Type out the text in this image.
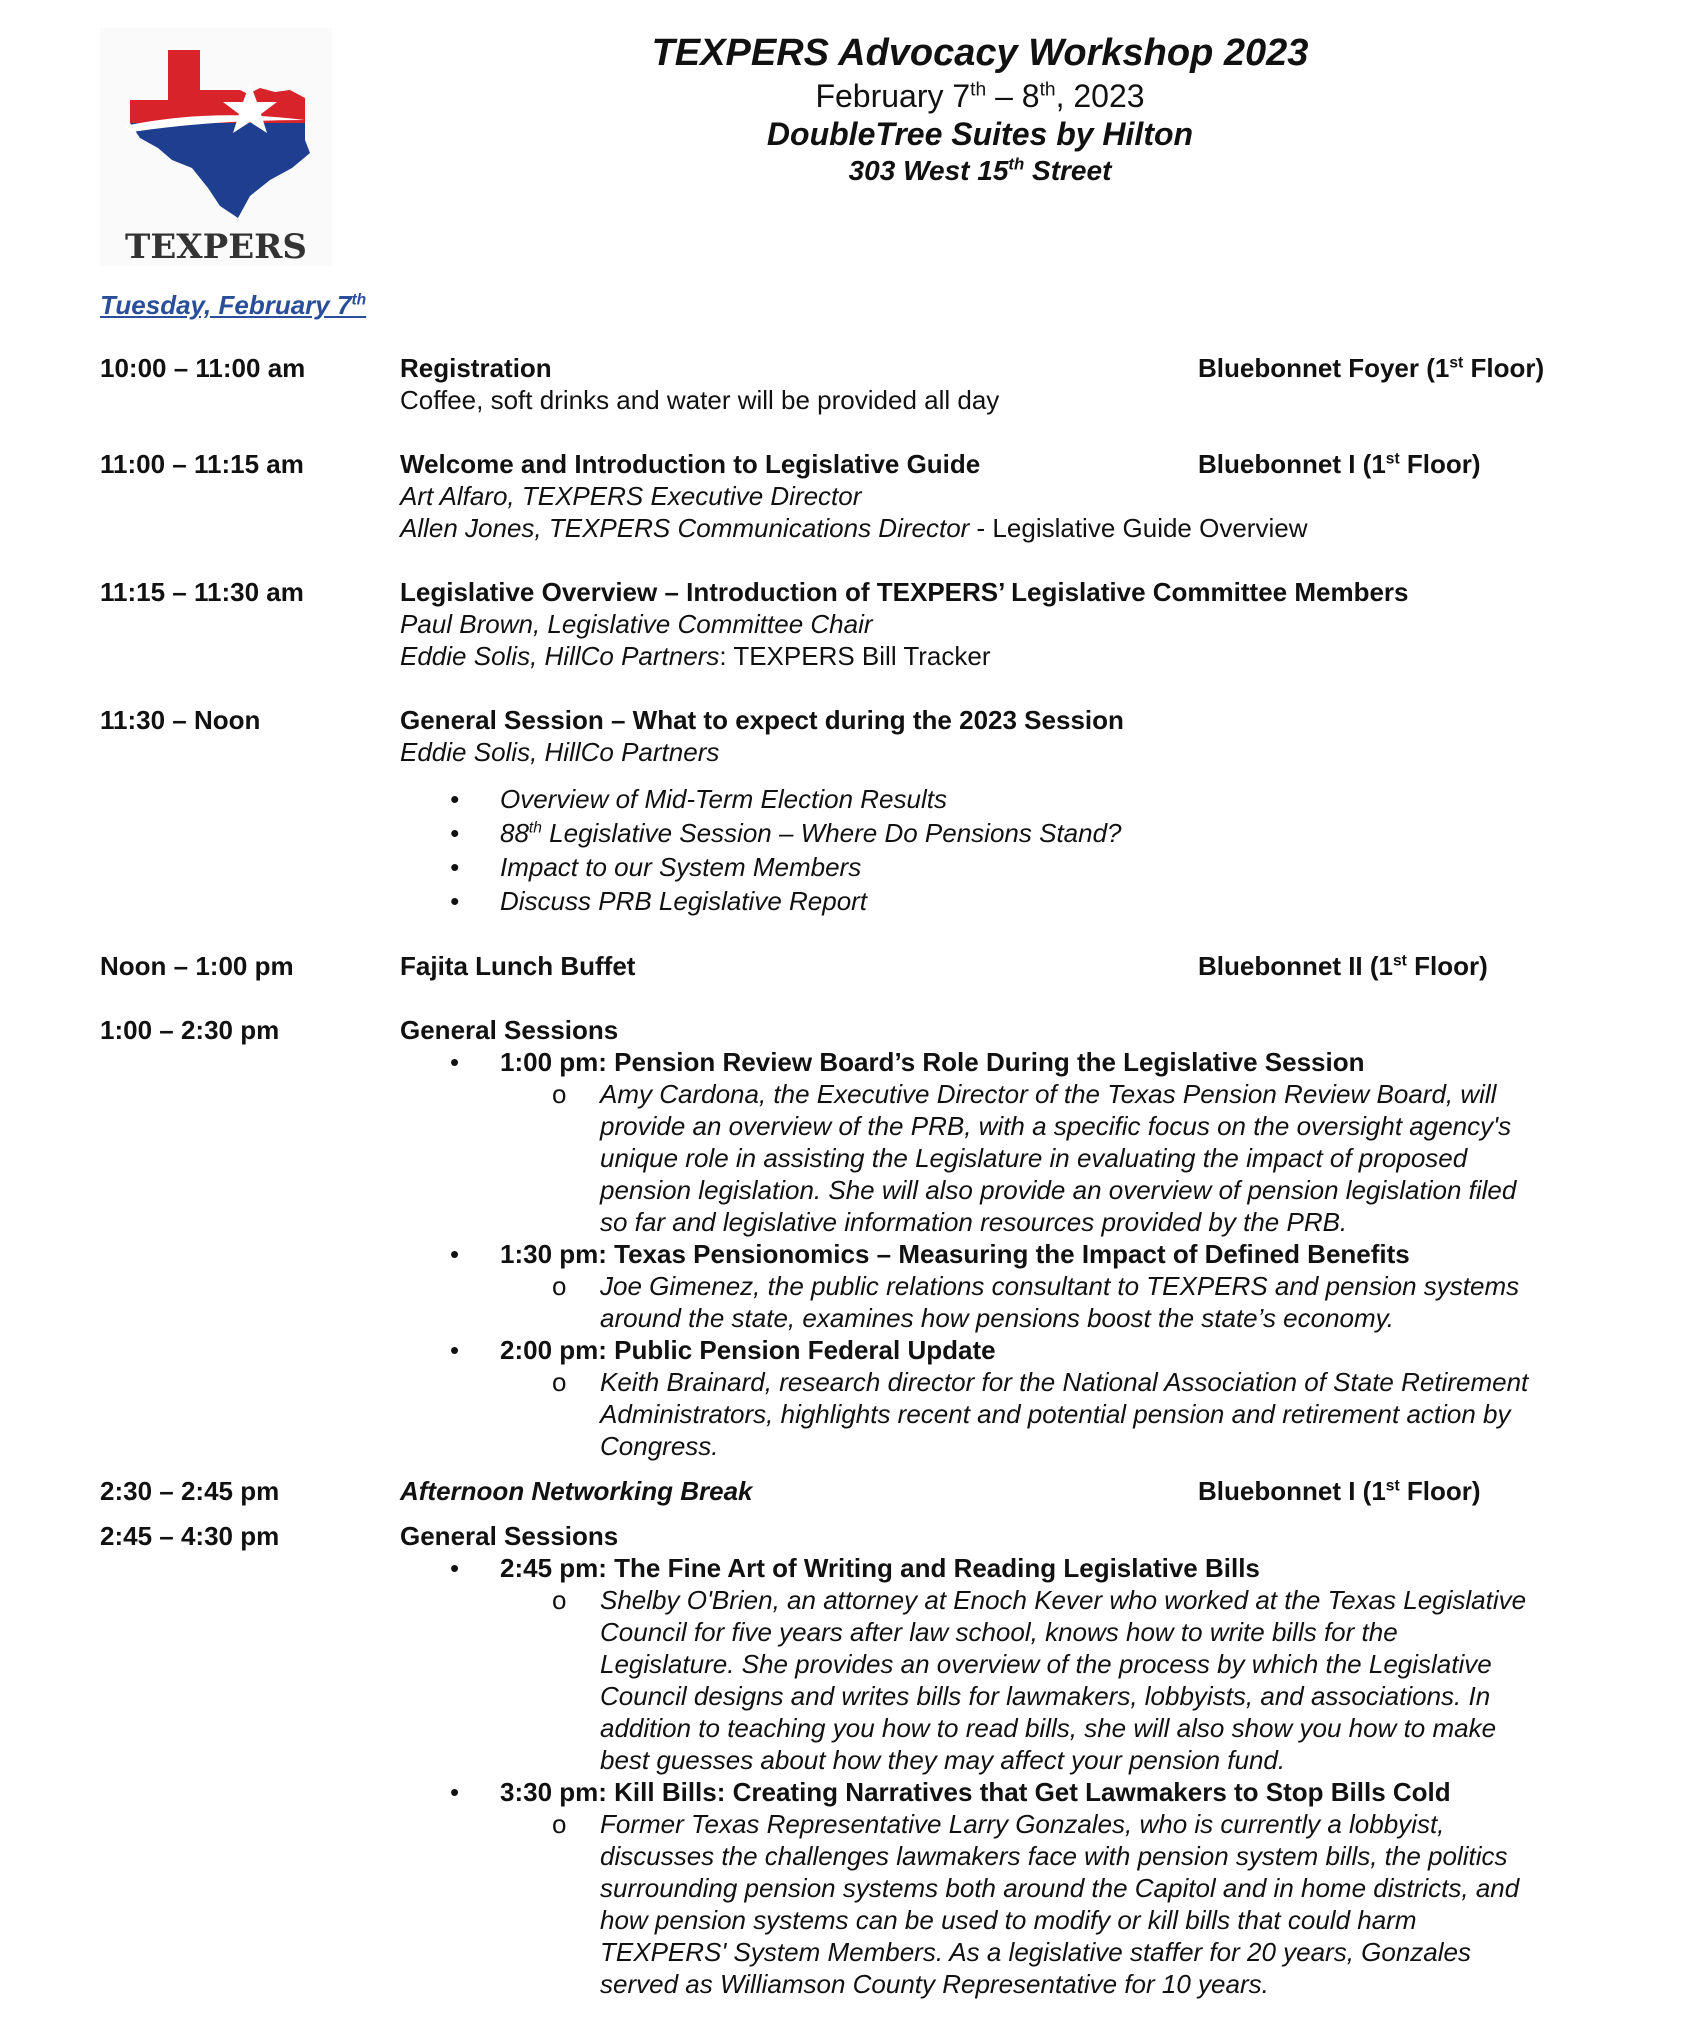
TEXPERS
TEXPERS Advocacy Workshop 2023
February 7th – 8th, 2023
DoubleTree Suites by Hilton
303 West 15th Street
Tuesday, February 7th
10:00 – 11:00 am	Registration
Coffee, soft drinks and water will be provided all day
Bluebonnet Foyer (1st Floor)
11:00 – 11:15 am	Welcome and Introduction to Legislative Guide
Art Alfaro, TEXPERS Executive Director
Allen Jones, TEXPERS Communications Director - Legislative Guide Overview
Bluebonnet I (1st Floor)
11:15 – 11:30 am	Legislative Overview – Introduction of TEXPERS’ Legislative Committee Members
Paul Brown, Legislative Committee Chair
Eddie Solis, HillCo Partners: TEXPERS Bill Tracker
11:30 – Noon	General Session – What to expect during the 2023 Session
Eddie Solis, HillCo Partners
• Overview of Mid-Term Election Results
• 88th Legislative Session – Where Do Pensions Stand?
• Impact to our System Members
• Discuss PRB Legislative Report
Noon – 1:00 pm	Fajita Lunch Buffet	Bluebonnet II (1st Floor)
1:00 – 2:30 pm	General Sessions
• 1:00 pm: Pension Review Board’s Role During the Legislative Session
o Amy Cardona, the Executive Director of the Texas Pension Review Board, will
provide an overview of the PRB, with a specific focus on the oversight agency's
unique role in assisting the Legislature in evaluating the impact of proposed
pension legislation. She will also provide an overview of pension legislation filed
so far and legislative information resources provided by the PRB.
• 1:30 pm: Texas Pensionomics – Measuring the Impact of Defined Benefits
o Joe Gimenez, the public relations consultant to TEXPERS and pension systems
around the state, examines how pensions boost the state’s economy.
• 2:00 pm: Public Pension Federal Update
o Keith Brainard, research director for the National Association of State Retirement
Administrators, highlights recent and potential pension and retirement action by
Congress.
2:30 – 2:45 pm	Afternoon Networking Break	Bluebonnet I (1st Floor)
2:45 – 4:30 pm	General Sessions
• 2:45 pm: The Fine Art of Writing and Reading Legislative Bills
o Shelby O'Brien, an attorney at Enoch Kever who worked at the Texas Legislative
Council for five years after law school, knows how to write bills for the
Legislature. She provides an overview of the process by which the Legislative
Council designs and writes bills for lawmakers, lobbyists, and associations. In
addition to teaching you how to read bills, she will also show you how to make
best guesses about how they may affect your pension fund.
• 3:30 pm: Kill Bills: Creating Narratives that Get Lawmakers to Stop Bills Cold
o Former Texas Representative Larry Gonzales, who is currently a lobbyist,
discusses the challenges lawmakers face with pension system bills, the politics
surrounding pension systems both around the Capitol and in home districts, and
how pension systems can be used to modify or kill bills that could harm
TEXPERS' System Members. As a legislative staffer for 20 years, Gonzales
served as Williamson County Representative for 10 years.
